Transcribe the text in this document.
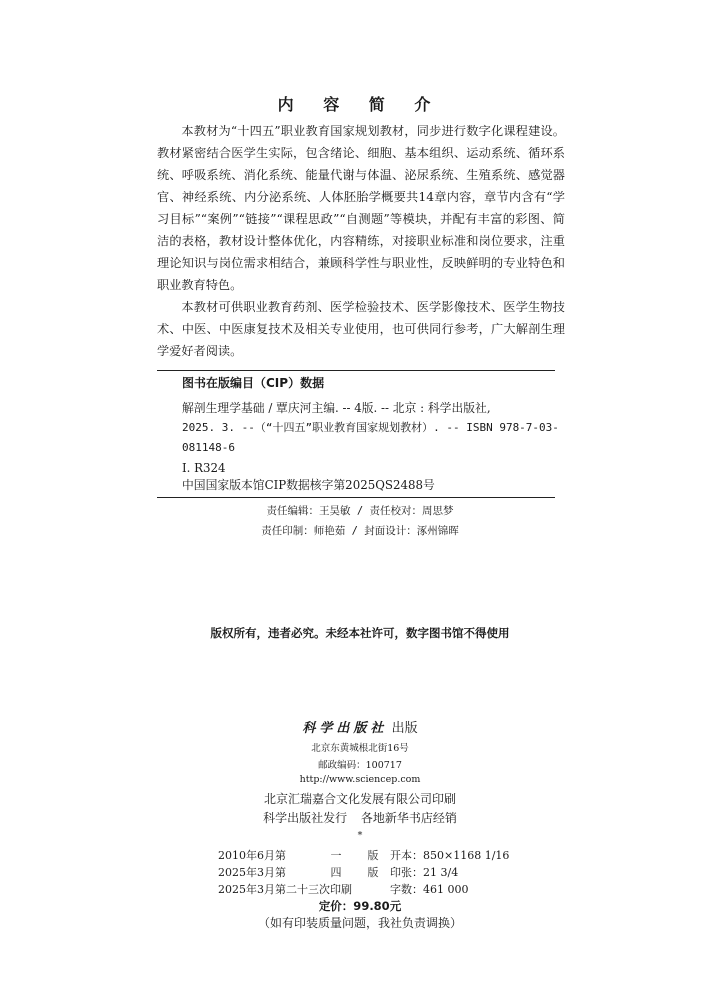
内 容 简 介

本教材为“十四五”职业教育国家规划教材，同步进行数字化课程建设。教材紧密结合医学生实际，包含绪论、细胞、基本组织、运动系统、循环系统、呼吸系统、消化系统、能量代谢与体温、泌尿系统、生殖系统、感觉器官、神经系统、内分泌系统、人体胚胎学概要共14章内容，章节内含有“学习目标”“案例”“链接”“课程思政”“自测题”等模块，并配有丰富的彩图、简洁的表格，教材设计整体优化，内容精练，对接职业标准和岗位要求，注重理论知识与岗位需求相结合，兼顾科学性与职业性，反映鲜明的专业特色和职业教育特色。

本教材可供职业教育药剂、医学检验技术、医学影像技术、医学生物技术、中医、中医康复技术及相关专业使用，也可供同行参考，广大解剖生理学爱好者阅读。

图书在版编目（CIP）数据
解剖生理学基础 / 覃庆河主编. -- 4版. -- 北京 : 科学出版社,
2025. 3. --（“十四五”职业教育国家规划教材）. -- ISBN 978-7-03-
081148-6
Ⅰ. R324
中国国家版本馆CIP数据核字第2025QS2488号
责任编辑：王昊敏 / 责任校对：周思梦
责任印制：师艳茹 / 封面设计：涿州锦晖
版权所有，违者必究。未经本社许可，数字图书馆不得使用
科学出版社 出版
北京东黄城根北街16号
邮政编码：100717
http://www.sciencep.com
北京汇瑞嘉合文化发展有限公司印刷
科学出版社发行 各地新华书店经销
*
2010年6月第	一 版 开本：850×1168 1/16
2025年3月第	四 版 印张：21 3/4
2025年3月第二十三次印刷	字数：461 000
定价：99.80元
（如有印装质量问题，我社负责调换）
